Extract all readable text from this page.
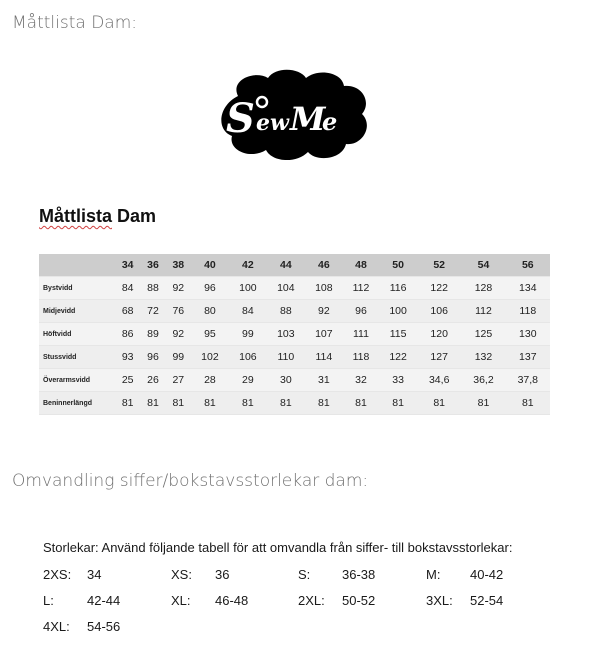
Måttlista Dam:
S ew M
e
Måttlista Dam
	34	36	38	40	42	44	46	48	50	52	54	56
Bystvidd	84	88	92	96	100	104	108	112	116	122	128	134
Midjevidd	68	72	76	80	84	88	92	96	100	106	112	118
Höftvidd	86	89	92	95	99	103	107	111	115	120	125	130
Stussvidd	93	96	99	102	106	110	114	118	122	127	132	137
Överarmsvidd	25	26	27	28	29	30	31	32	33	34,6	36,2	37,8
Beninnerlängd	81	81	81	81	81	81	81	81	81	81	81	81
Omvandling siffer/bokstavsstorlekar dam:
Storlekar: Använd följande tabell för att omvandla från siffer- till bokstavsstorlekar:
2XS: 34	XS: 36	S: 36-38	M: 40-42
L:	42-44	XL: 46-48	2XL: 50-52	3XL: 52-54
4XL: 54-56
